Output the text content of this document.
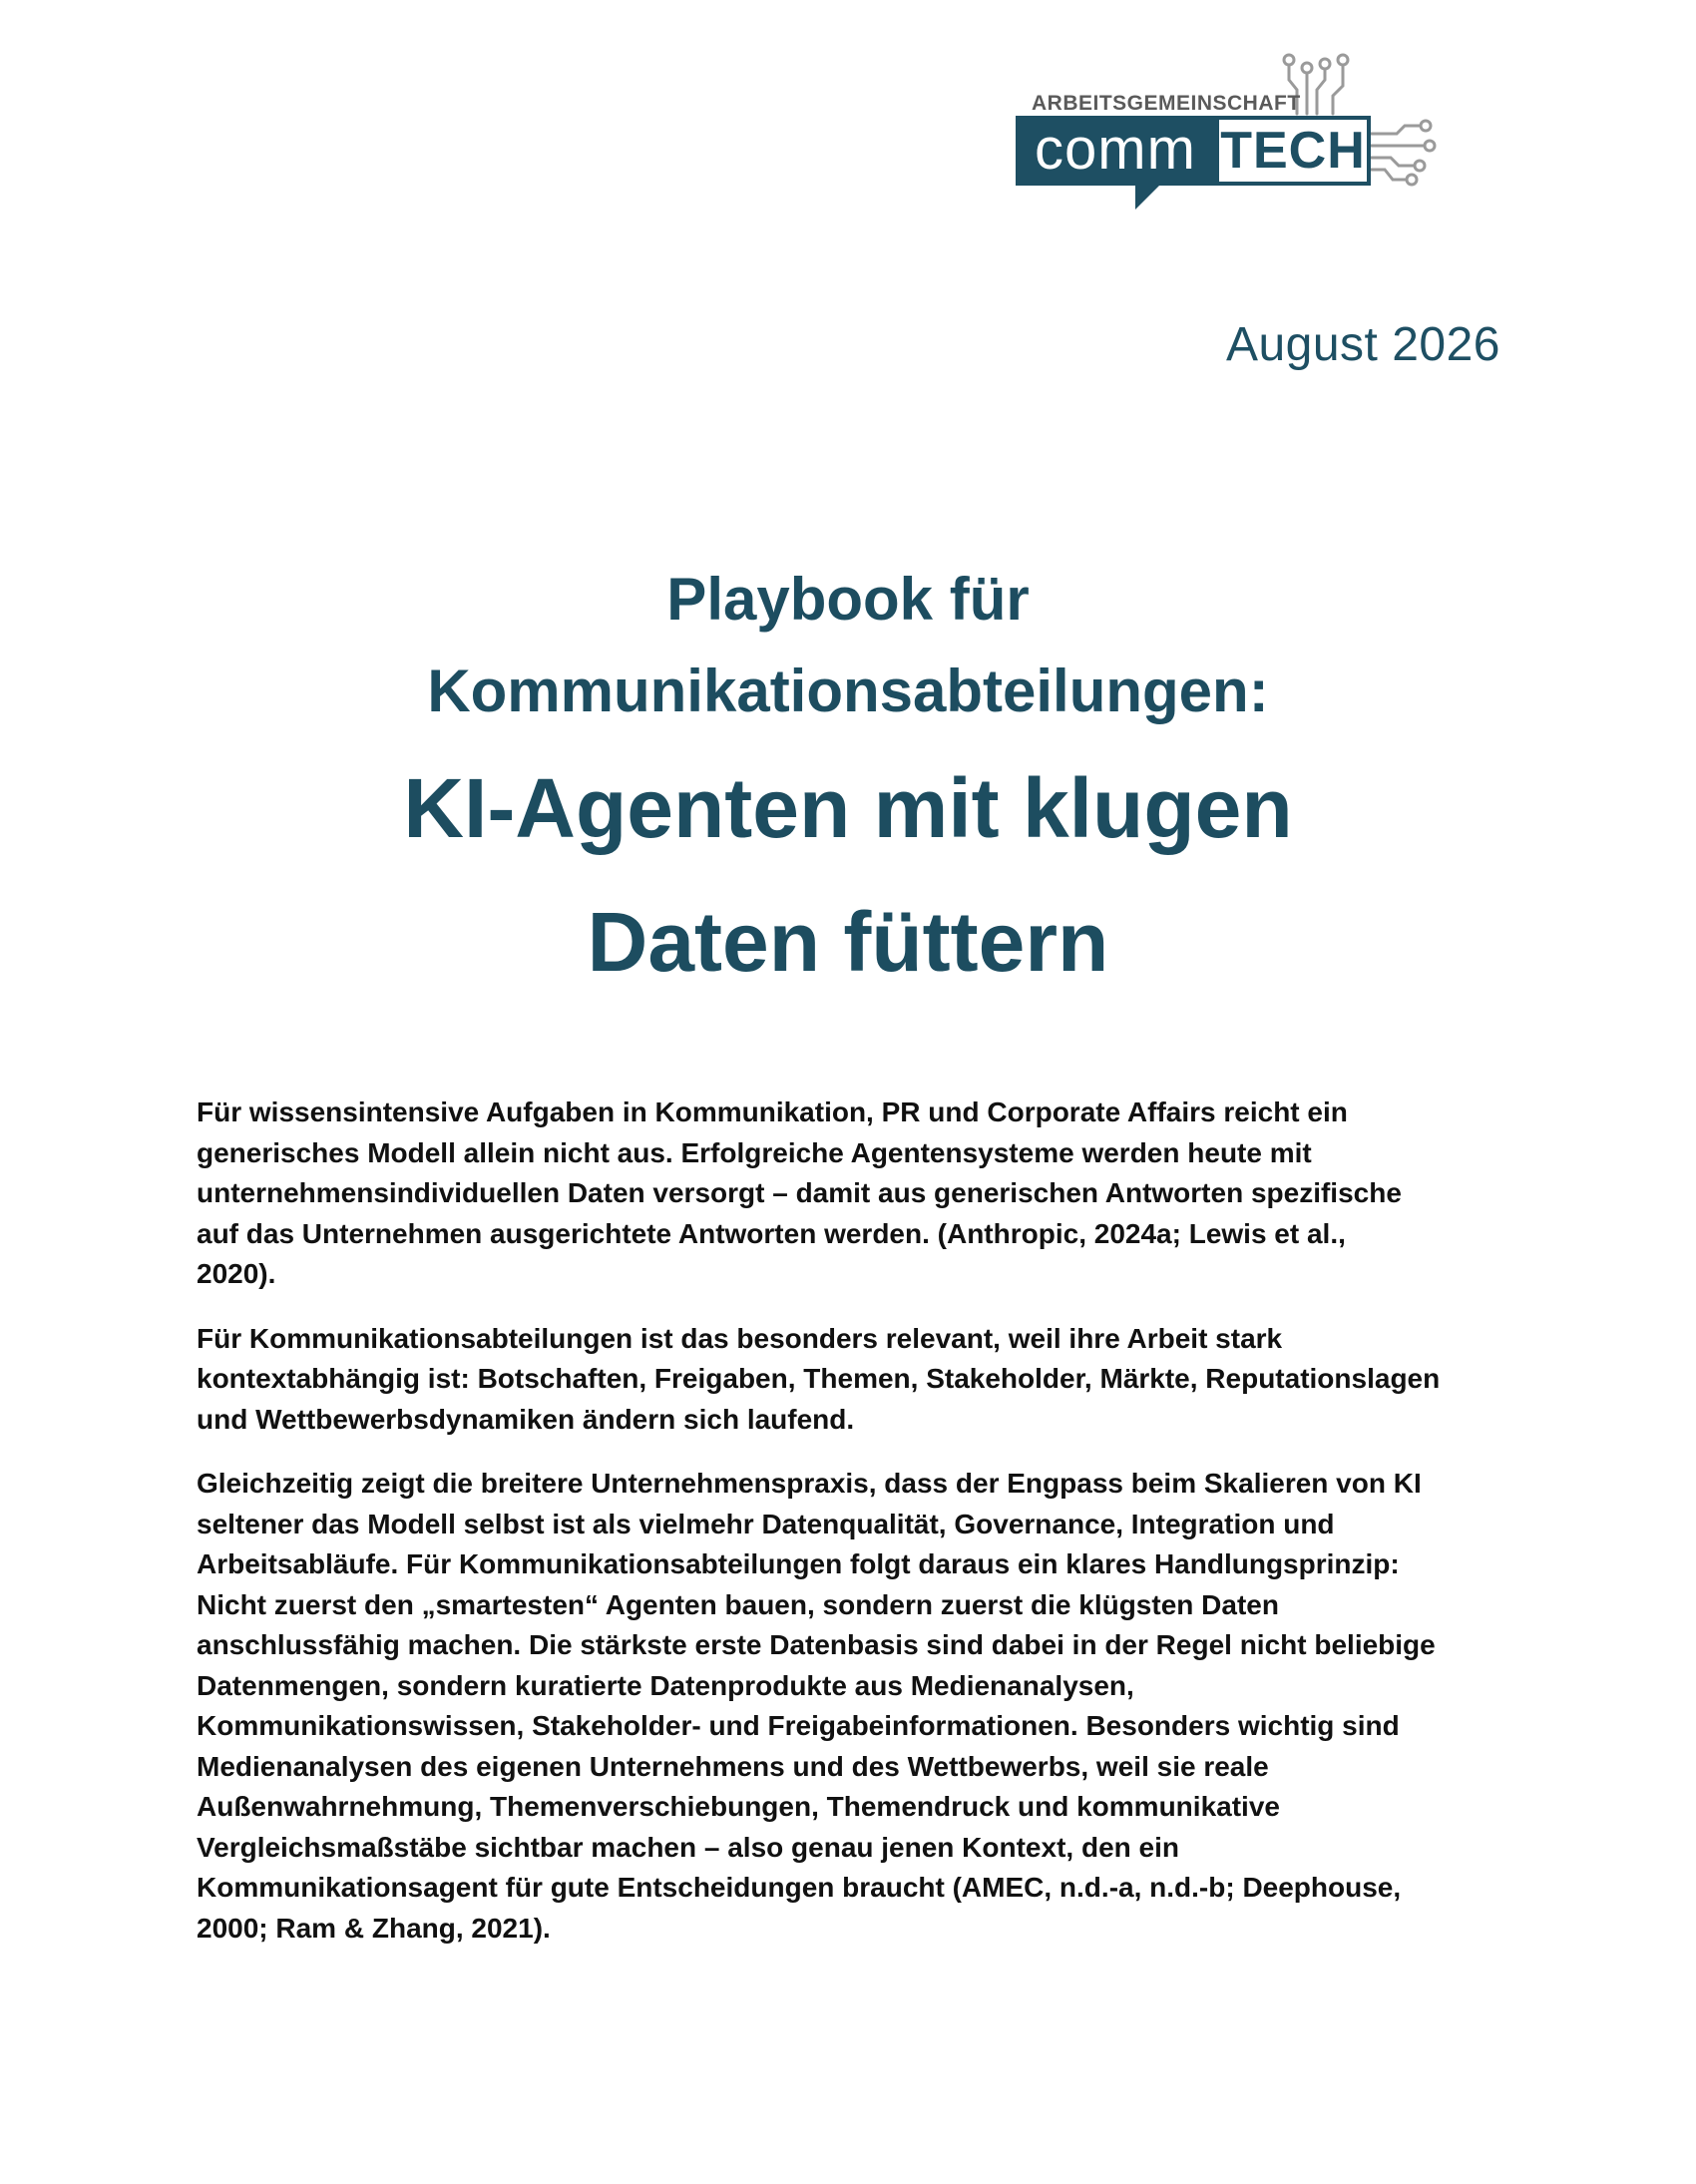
ARBEITSGEMEINSCHAFT
comm TECH
August 2026
Playbook für
Kommunikationsabteilungen:
KI-Agenten mit klugen
Daten füttern

Für wissensintensive Aufgaben in Kommunikation, PR und Corporate Affairs reicht ein
generisches Modell allein nicht aus. Erfolgreiche Agentensysteme werden heute mit
unternehmensindividuellen Daten versorgt – damit aus generischen Antworten spezifische
auf das Unternehmen ausgerichtete Antworten werden. (Anthropic, 2024a; Lewis et al.,
2020).

Für Kommunikationsabteilungen ist das besonders relevant, weil ihre Arbeit stark
kontextabhängig ist: Botschaften, Freigaben, Themen, Stakeholder, Märkte, Reputationslagen
und Wettbewerbsdynamiken ändern sich laufend.

Gleichzeitig zeigt die breitere Unternehmenspraxis, dass der Engpass beim Skalieren von KI
seltener das Modell selbst ist als vielmehr Datenqualität, Governance, Integration und
Arbeitsabläufe. Für Kommunikationsabteilungen folgt daraus ein klares Handlungsprinzip:
Nicht zuerst den „smartesten“ Agenten bauen, sondern zuerst die klügsten Daten
anschlussfähig machen. Die stärkste erste Datenbasis sind dabei in der Regel nicht beliebige
Datenmengen, sondern kuratierte Datenprodukte aus Medienanalysen,
Kommunikationswissen, Stakeholder- und Freigabeinformationen. Besonders wichtig sind
Medienanalysen des eigenen Unternehmens und des Wettbewerbs, weil sie reale
Außenwahrnehmung, Themenverschiebungen, Themendruck und kommunikative
Vergleichsmaßstäbe sichtbar machen – also genau jenen Kontext, den ein
Kommunikationsagent für gute Entscheidungen braucht (AMEC, n.d.-a, n.d.-b; Deephouse,
2000; Ram & Zhang, 2021).
